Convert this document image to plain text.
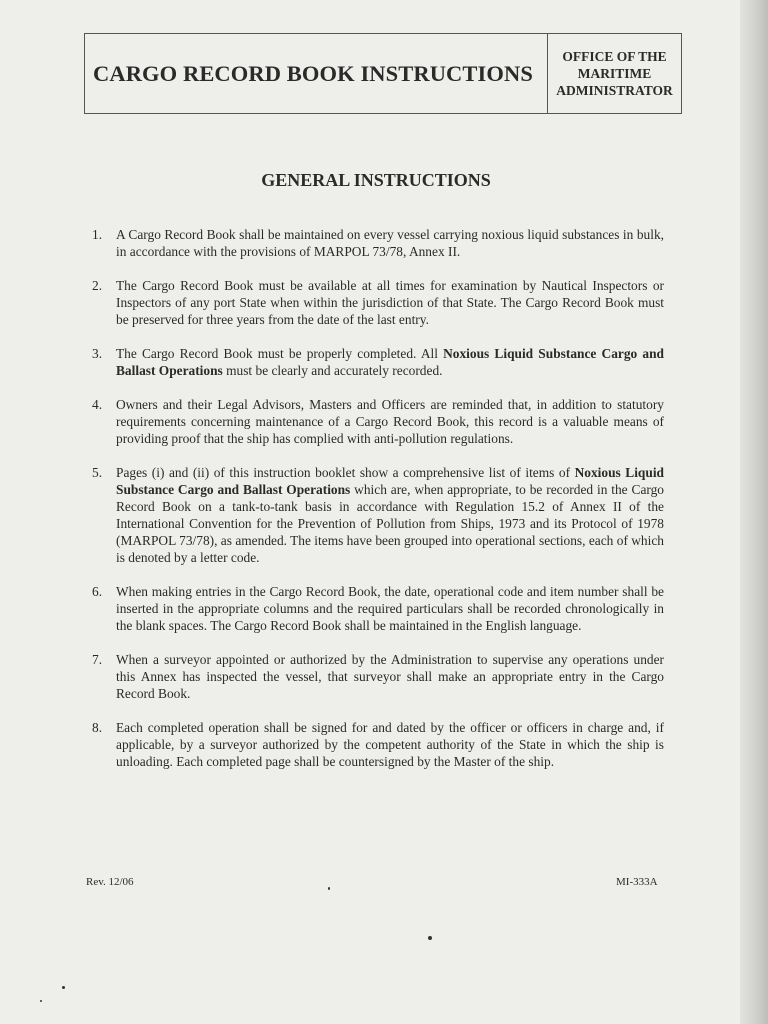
CARGO RECORD BOOK INSTRUCTIONS
OFFICE OF THE
MARITIME
ADMINISTRATOR
GENERAL INSTRUCTIONS
1. A Cargo Record Book shall be maintained on every vessel carrying noxious liquid substances in bulk, in accordance with the provisions of MARPOL 73/78, Annex II.
2. The Cargo Record Book must be available at all times for examination by Nautical Inspectors or Inspectors of any port State when within the jurisdiction of that State. The Cargo Record Book must be preserved for three years from the date of the last entry.
3. The Cargo Record Book must be properly completed. All Noxious Liquid Substance Cargo and Ballast Operations must be clearly and accurately recorded.
4. Owners and their Legal Advisors, Masters and Officers are reminded that, in addition to statutory requirements concerning maintenance of a Cargo Record Book, this record is a valuable means of providing proof that the ship has complied with anti-pollution regulations.
5. Pages (i) and (ii) of this instruction booklet show a comprehensive list of items of Noxious Liquid Substance Cargo and Ballast Operations which are, when appropriate, to be recorded in the Cargo Record Book on a tank-to-tank basis in accordance with Regulation 15.2 of Annex II of the International Convention for the Prevention of Pollution from Ships, 1973 and its Protocol of 1978 (MARPOL 73/78), as amended. The items have been grouped into operational sections, each of which is denoted by a letter code.
6. When making entries in the Cargo Record Book, the date, operational code and item number shall be inserted in the appropriate columns and the required particulars shall be recorded chronologically in the blank spaces. The Cargo Record Book shall be maintained in the English language.
7. When a surveyor appointed or authorized by the Administration to supervise any operations under this Annex has inspected the vessel, that surveyor shall make an appropriate entry in the Cargo Record Book.
8. Each completed operation shall be signed for and dated by the officer or officers in charge and, if applicable, by a surveyor authorized by the competent authority of the State in which the ship is unloading. Each completed page shall be countersigned by the Master of the ship.
Rev. 12/06	MI-333A
